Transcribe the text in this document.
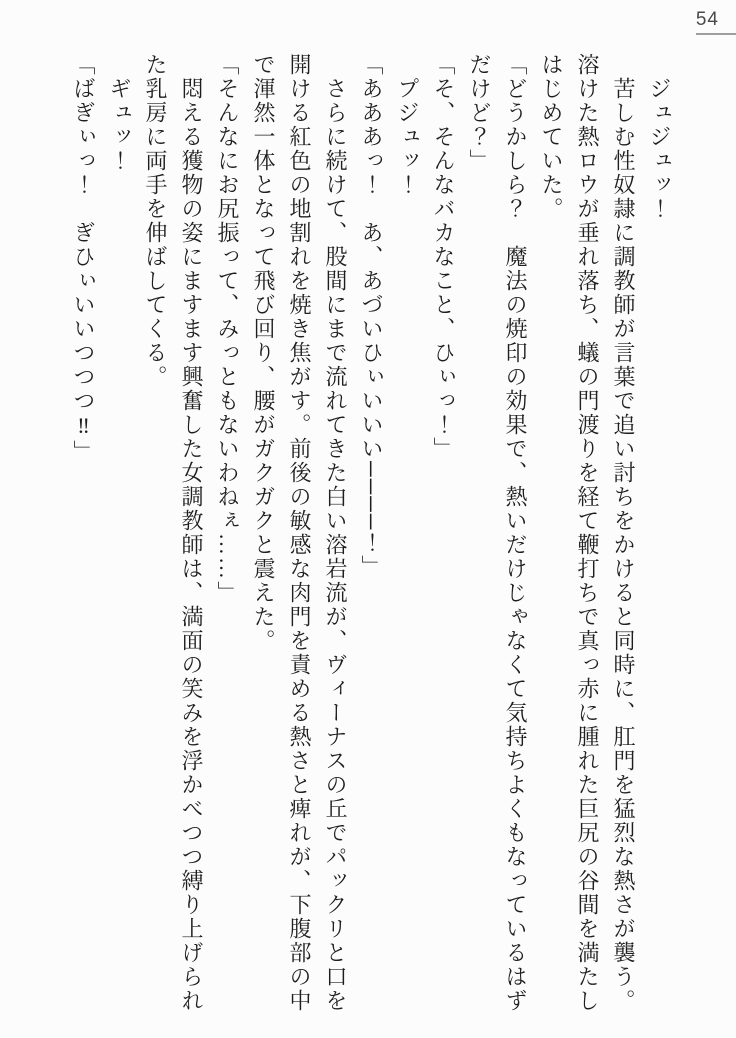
54

ジュジュッ！

苦しむ性奴隷に調教師が言葉で追い討ちをかけると同時に、肛門を猛烈な熱さが襲う。溶けた熱ロウが垂れ落ち、蟻の門渡りを経て鞭打ちで真っ赤に腫れた巨尻の谷間を満たしはじめていた。

「どうかしら？　魔法の焼印の効果で、熱いだけじゃなくて気持ちよくもなっているはずだけど？」

「そ、そんなバカなこと、ひぃっ！」

プジュッ！

「あああっ！　あ、あづいひぃいいい────！」

さらに続けて、股間にまで流れてきた白い溶岩流が、ヴィーナスの丘でパックリと口を開ける紅色の地割れを焼き焦がす。前後の敏感な肉門を責める熱さと痺れが、下腹部の中で渾然一体となって飛び回り、腰がガクガクと震えた。

「そんなにお尻振って、みっともないわねぇ……」

悶える獲物の姿にますます興奮した女調教師は、満面の笑みを浮かべつつ縛り上げられた乳房に両手を伸ばしてくる。

ギュッ！

「ばぎぃっ！　ぎひぃいいつつつ‼」
